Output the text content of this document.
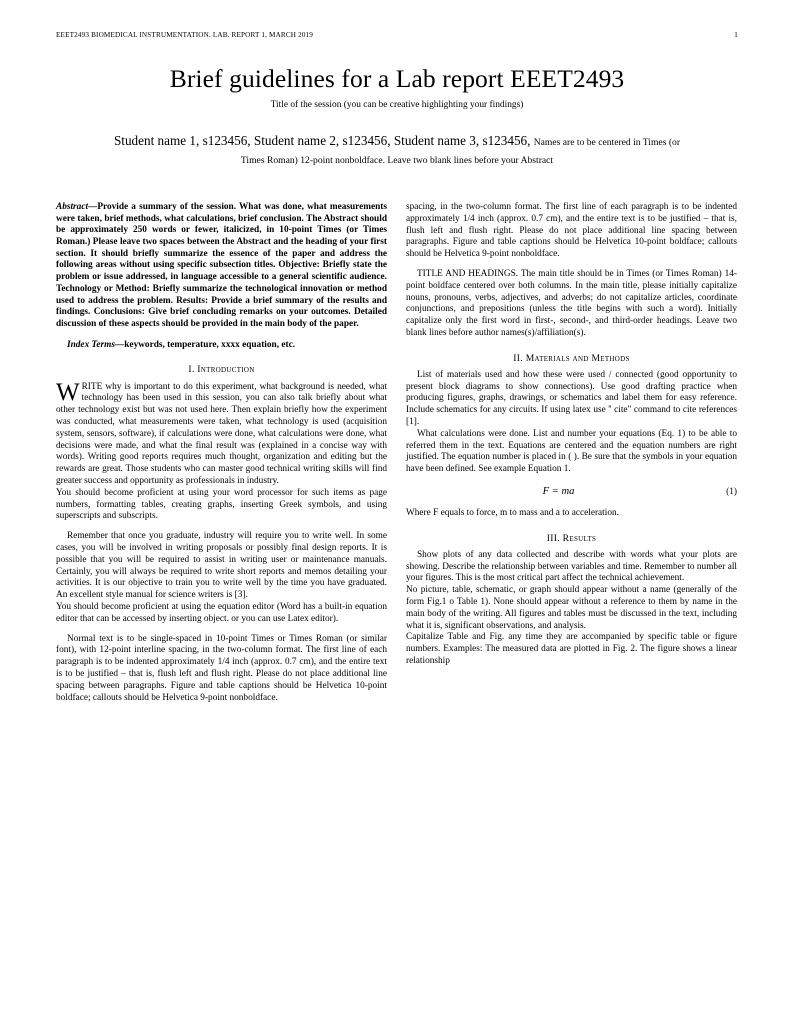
EEET2493 BIOMEDICAL INSTRUMENTATION. LAB. REPORT 1, MARCH 2019	1
Brief guidelines for a Lab report EEET2493
Title of the session (you can be creative highlighting your findings)
Student name 1, s123456, Student name 2, s123456, Student name 3, s123456, Names are to be centered in Times (or Times Roman) 12-point nonboldface. Leave two blank lines before your Abstract

Abstract—Provide a summary of the session. What was done, what measurements were taken, brief methods, what calculations, brief conclusion. The Abstract should be approximately 250 words or fewer, italicized, in 10-point Times (or Times Roman.) Please leave two spaces between the Abstract and the heading of your first section. It should briefly summarize the essence of the paper and address the following areas without using specific subsection titles. Objective: Briefly state the problem or issue addressed, in language accessible to a general scientific audience. Technology or Method: Briefly summarize the technological innovation or method used to address the problem. Results: Provide a brief summary of the results and findings. Conclusions: Give brief concluding remarks on your outcomes. Detailed discussion of these aspects should be provided in the main body of the paper.

Index Terms—keywords, temperature, xxxx equation, etc.

I. Introduction

WRITE why is important to do this experiment, what background is needed, what technology has been used in this session, you can also talk briefly about what other technology exist but was not used here. Then explain briefly how the experiment was conducted, what measurements were taken, what technology is used (acquisition system, sensors, software), if calculations were done, what calculations were done, what decisions were made, and what the final result was (explained in a concise way with words). Writing good reports requires much thought, organization and editing but the rewards are great. Those students who can master good technical writing skills will find greater success and opportunity as professionals in industry.

You should become proficient at using your word processor for such items as page numbers, formatting tables, creating graphs, inserting Greek symbols, and using superscripts and subscripts.

Remember that once you graduate, industry will require you to write well. In some cases, you will be involved in writing proposals or possibly final design reports. It is possible that you will be required to assist in writing user or maintenance manuals. Certainly, you will always be required to write short reports and memos detailing your activities. It is our objective to train you to write well by the time you have graduated. An excellent style manual for science writers is [3].

You should become proficient at using the equation editor (Word has a built-in equation editor that can be accessed by inserting object. or you can use Latex editor).

Normal text is to be single-spaced in 10-point Times or Times Roman (or similar font), with 12-point interline spacing, in the two-column format. The first line of each paragraph is to be indented approximately 1/4 inch (approx. 0.7 cm), and the entire text is to be justified – that is, flush left and flush right. Please do not place additional line spacing between paragraphs. Figure and table captions should be Helvetica 10-point boldface; callouts should be Helvetica 9-point nonboldface.

spacing, in the two-column format. The first line of each paragraph is to be indented approximately 1/4 inch (approx. 0.7 cm), and the entire text is to be justified – that is, flush left and flush right. Please do not place additional line spacing between paragraphs. Figure and table captions should be Helvetica 10-point boldface; callouts should be Helvetica 9-point nonboldface.

TITLE AND HEADINGS. The main title should be in Times (or Times Roman) 14-point boldface centered over both columns. In the main title, please initially capitalize nouns, pronouns, verbs, adjectives, and adverbs; do not capitalize articles, coordinate conjunctions, and prepositions (unless the title begins with such a word). Initially capitalize only the first word in first-, second-, and third-order headings. Leave two blank lines before author names(s)/affiliation(s).

II. Materials and Methods

List of materials used and how these were used / connected (good opportunity to present block diagrams to show connections). Use good drafting practice when producing figures, graphs, drawings, or schematics and label them for easy reference. Include schematics for any circuits. If using latex use '' cite" command to cite references [1].

What calculations were done. List and number your equations (Eq. 1) to be able to referred them in the text. Equations are centered and the equation numbers are right justified. The equation number is placed in ( ). Be sure that the symbols in your equation have been defined. See example Equation 1.

F = ma	(1)

Where F equals to force, m to mass and a to acceleration.

III. Results

Show plots of any data collected and describe with words what your plots are showing. Describe the relationship between variables and time. Remember to number all your figures. This is the most critical part affect the technical achievement.

No picture, table, schematic, or graph should appear without a name (generally of the form Fig.1 o Table 1). None should appear without a reference to them by name in the main body of the writing. All figures and tables must be discussed in the text, including what it is, significant observations, and analysis.

Capitalize Table and Fig. any time they are accompanied by specific table or figure numbers. Examples: The measured data are plotted in Fig. 2. The figure shows a linear relationship
